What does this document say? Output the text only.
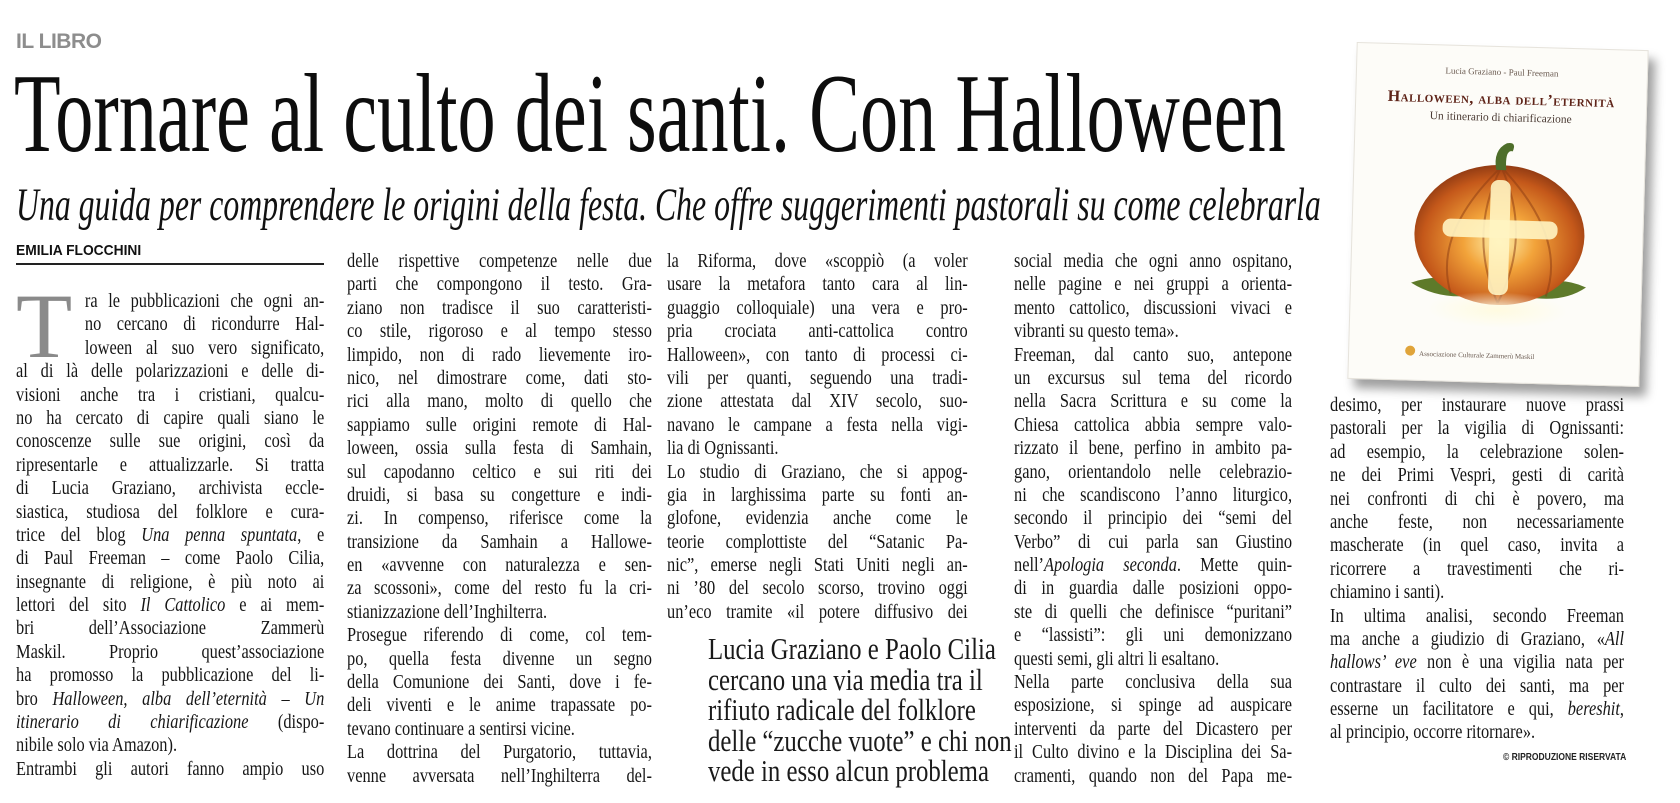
IL LIBRO
Tornare al culto dei santi. Con Halloween
Una guida per comprendere le origini della festa. Che offre suggerimenti pastorali su come celebrarla
EMILIA FLOCCHINI
T ra le pubblicazioni che ogni an-
no cercano di ricondurre Hal-
loween al suo vero significato,
al di là delle polarizzazioni e delle di-
visioni anche tra i cristiani, qualcu-
no ha cercato di capire quali siano le
conoscenze sulle sue origini, così da
ripresentarle e attualizzarle. Si tratta
di Lucia Graziano, archivista eccle-
siastica, studiosa del folklore e cura-
trice del blog Una penna spuntata, e
di Paul Freeman – come Paolo Cilia,
insegnante di religione, è più noto ai
lettori del sito Il Cattolico e ai mem-
bri dell’Associazione Zammerù
Maskil. Proprio quest’associazione
ha promosso la pubblicazione del li-
bro Halloween, alba dell’eternità – Un
itinerario di chiarificazione (dispo-
nibile solo via Amazon).
Entrambi gli autori fanno ampio uso
delle rispettive competenze nelle due
parti che compongono il testo. Gra-
ziano non tradisce il suo caratteristi-
co stile, rigoroso e al tempo stesso
limpido, non di rado lievemente iro-
nico, nel dimostrare come, dati sto-
rici alla mano, molto di quello che
sappiamo sulle origini remote di Hal-
loween, ossia sulla festa di Samhain,
sul capodanno celtico e sui riti dei
druidi, si basa su congetture e indi-
zi. In compenso, riferisce come la
transizione da Samhain a Hallowe-
en «avvenne con naturalezza e sen-
za scossoni», come del resto fu la cri-
stianizzazione dell’Inghilterra.
Prosegue riferendo di come, col tem-
po, quella festa divenne un segno
della Comunione dei Santi, dove i fe-
deli viventi e le anime trapassate po-
tevano continuare a sentirsi vicine.
La dottrina del Purgatorio, tuttavia,
venne avversata nell’Inghilterra del-
la Riforma, dove «scoppiò (a voler
usare la metafora tanto cara al lin-
guaggio colloquiale) una vera e pro-
pria crociata anti-cattolica contro
Halloween», con tanto di processi ci-
vili per quanti, seguendo una tradi-
zione attestata dal XIV secolo, suo-
navano le campane a festa nella vigi-
lia di Ognissanti.
Lo studio di Graziano, che si appog-
gia in larghissima parte su fonti an-
glofone, evidenzia anche come le
teorie complottiste del “Satanic Pa-
nic”, emerse negli Stati Uniti negli an-
ni ’80 del secolo scorso, trovino oggi
un’eco tramite «il potere diffusivo dei
social media che ogni anno ospitano,
nelle pagine e nei gruppi a orienta-
mento cattolico, discussioni vivaci e
vibranti su questo tema».
Freeman, dal canto suo, antepone
un excursus sul tema del ricordo
nella Sacra Scrittura e su come la
Chiesa cattolica abbia sempre valo-
rizzato il bene, perfino in ambito pa-
gano, orientandolo nelle celebrazio-
ni che scandiscono l’anno liturgico,
secondo il principio dei “semi del
Verbo” di cui parla san Giustino
nell’Apologia seconda. Mette quin-
di in guardia dalle posizioni oppo-
ste di quelli che definisce “puritani”
e “lassisti”: gli uni demonizzano
questi semi, gli altri li esaltano.
Nella parte conclusiva della sua
esposizione, si spinge ad auspicare
interventi da parte del Dicastero per
il Culto divino e la Disciplina dei Sa-
cramenti, quando non del Papa me-
desimo, per instaurare nuove prassi
pastorali per la vigilia di Ognissanti:
ad esempio, la celebrazione solen-
ne dei Primi Vespri, gesti di carità
nei confronti di chi è povero, ma
anche feste, non necessariamente
mascherate (in quel caso, invita a
ricorrere a travestimenti che ri-
chiamino i santi).
In ultima analisi, secondo Freeman
ma anche a giudizio di Graziano, «All
hallows’ eve non è una vigilia nata per
contrastare il culto dei santi, ma per
esserne un facilitatore e qui, bereshit,
al principio, occorre ritornare».
Lucia Graziano e Paolo Cilia
cercano una via media tra il
rifiuto radicale del folklore
delle “zucche vuote” e chi non
vede in esso alcun problema	© RIPRODUZIONE RISERVATA
Lucia Graziano - Paul Freeman
Halloween, alba dell’eternità
Un itinerario di chiarificazione
Associazione Culturale Zammerù Maskil
